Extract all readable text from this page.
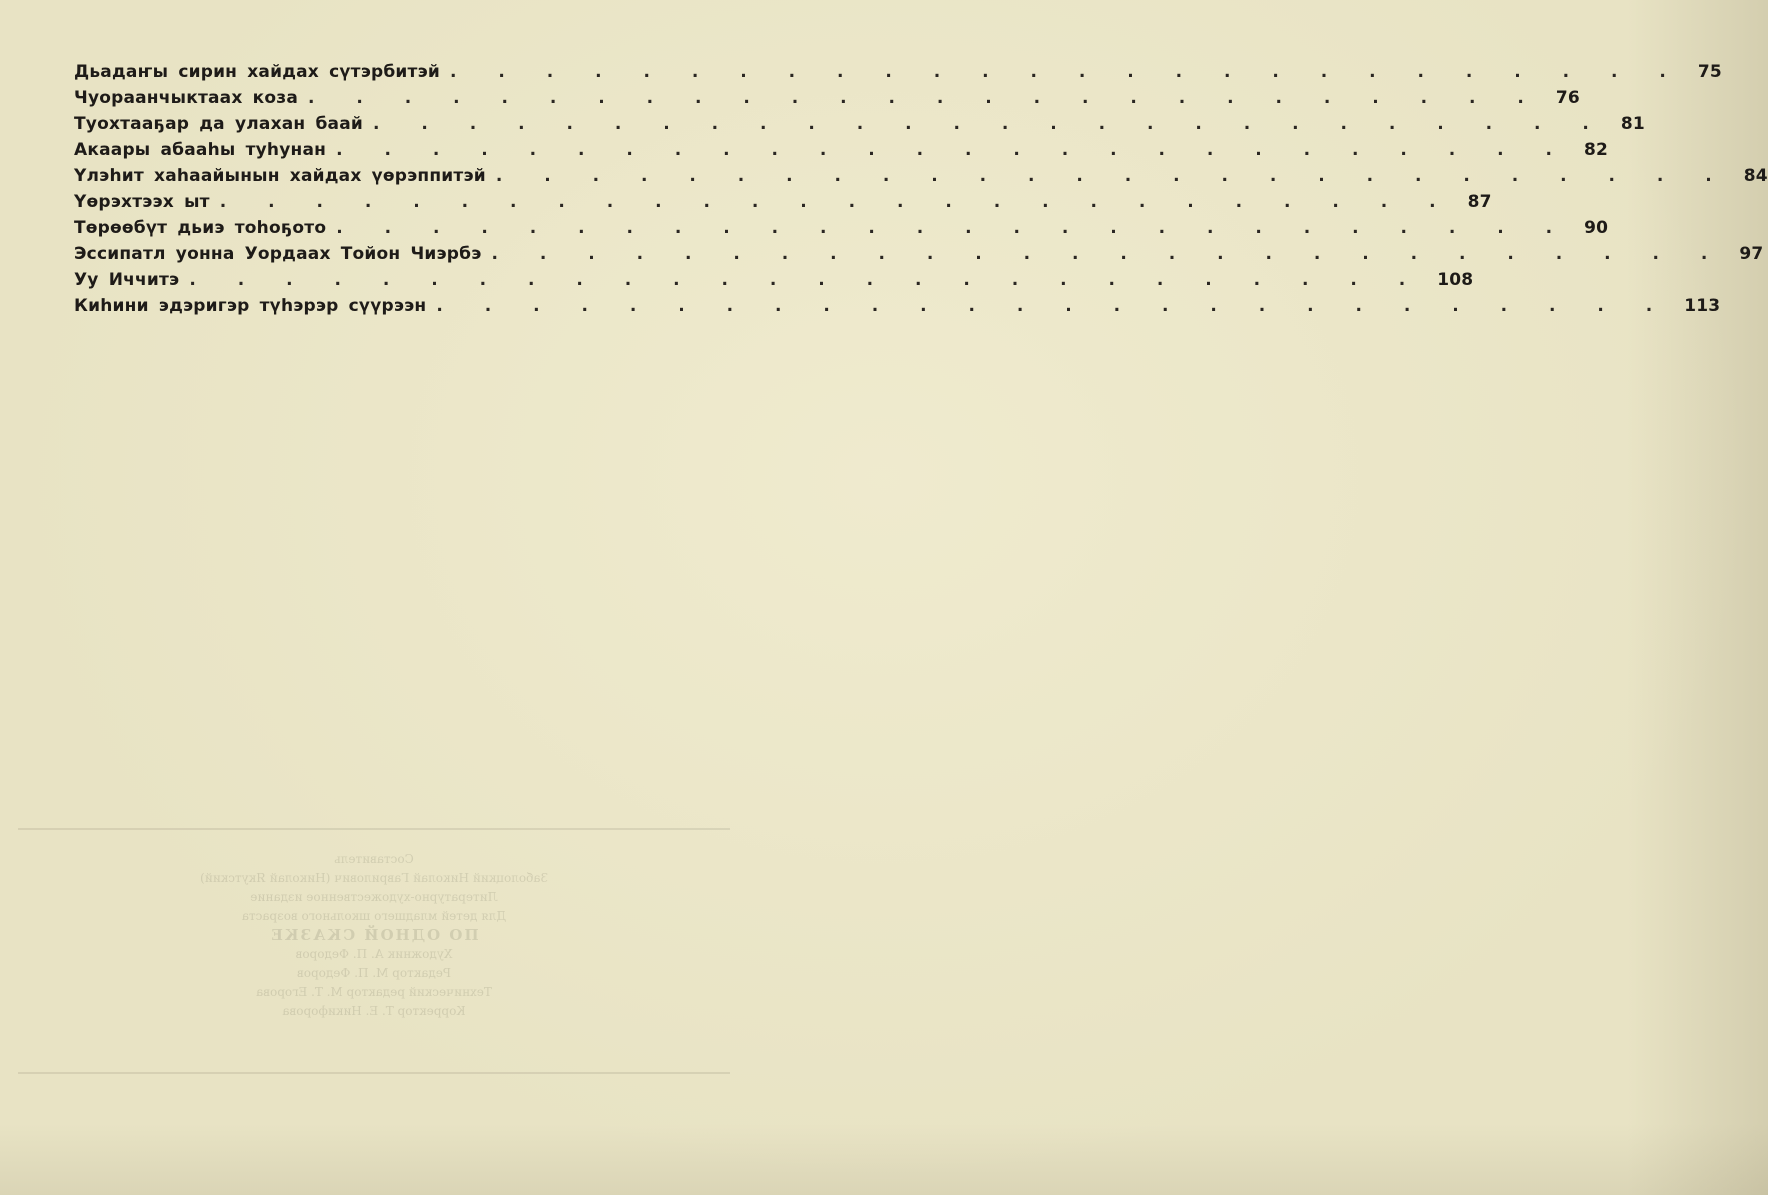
Дьадаҥы сирин хайдах сүтэрбитэй . . . . . . . . . . . . . . . . . . . . . . . . . . 75
Чуораанчыктаах коза . . . . . . . . . . . . . . . . . . . . . . . . . . 76
Туохтааҕар да улахан баай . . . . . . . . . . . . . . . . . . . . . . . . . . 81
Акаары абааһы туһунан . . . . . . . . . . . . . . . . . . . . . . . . . . 82
Үлэһит хаһаайынын хайдах үөрэппитэй . . . . . . . . . . . . . . . . . . . . . . . . . . 84
Үөрэхтээх ыт . . . . . . . . . . . . . . . . . . . . . . . . . . 87
Төрөөбүт дьиэ тоһоҕото . . . . . . . . . . . . . . . . . . . . . . . . . . 90
Эссипатл уонна Уордаах Тойон Чиэрбэ . . . . . . . . . . . . . . . . . . . . . . . . . . 97
Уу Иччитэ . . . . . . . . . . . . . . . . . . . . . . . . . . 108
Киһини эдэригэр түһэрэр сүүрээн . . . . . . . . . . . . . . . . . . . . . . . . . . 113
Составитель
Заболоцкий Николай Гаврилович (Николай Якутский)
Литературно-художественное издание
Для детей младшего школьного возраста
ПО ОДНОЙ СКАЗКЕ
Художник А. П. Федоров
Редактор М. П. Федоров
Технический редактор М. Т. Егорова
Корректор Т. Е. Никифорова
